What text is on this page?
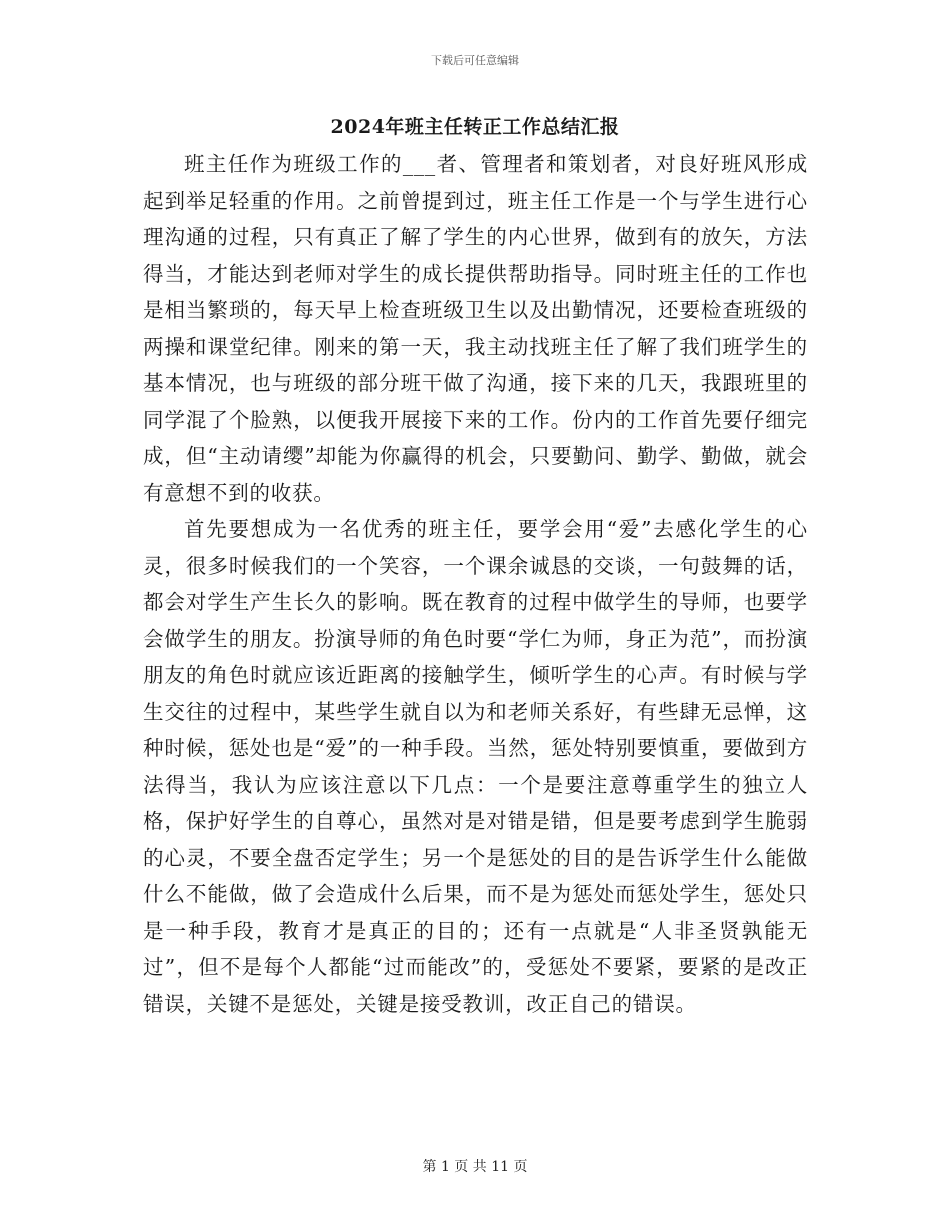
下载后可任意编辑
2024年班主任转正工作总结汇报

班主任作为班级工作的___者、管理者和策划者，对良好班风形成起到举足轻重的作用。之前曾提到过，班主任工作是一个与学生进行心理沟通的过程，只有真正了解了学生的内心世界，做到有的放矢，方法得当，才能达到老师对学生的成长提供帮助指导。同时班主任的工作也是相当繁琐的，每天早上检查班级卫生以及出勤情况，还要检查班级的两操和课堂纪律。刚来的第一天，我主动找班主任了解了我们班学生的基本情况，也与班级的部分班干做了沟通，接下来的几天，我跟班里的同学混了个脸熟，以便我开展接下来的工作。份内的工作首先要仔细完成，但“主动请缨”却能为你赢得的机会，只要勤问、勤学、勤做，就会有意想不到的收获。

首先要想成为一名优秀的班主任，要学会用“爱”去感化学生的心灵，很多时候我们的一个笑容，一个课余诚恳的交谈，一句鼓舞的话，都会对学生产生长久的影响。既在教育的过程中做学生的导师，也要学会做学生的朋友。扮演导师的角色时要“学仁为师，身正为范”，而扮演朋友的角色时就应该近距离的接触学生，倾听学生的心声。有时候与学生交往的过程中，某些学生就自以为和老师关系好，有些肆无忌惮，这种时候，惩处也是“爱”的一种手段。当然，惩处特别要慎重，要做到方法得当，我认为应该注意以下几点：一个是要注意尊重学生的独立人格，保护好学生的自尊心，虽然对是对错是错，但是要考虑到学生脆弱的心灵，不要全盘否定学生；另一个是惩处的目的是告诉学生什么能做什么不能做，做了会造成什么后果，而不是为惩处而惩处学生，惩处只是一种手段，教育才是真正的目的；还有一点就是“人非圣贤孰能无过”，但不是每个人都能“过而能改”的，受惩处不要紧，要紧的是改正错误，关键不是惩处，关键是接受教训，改正自己的错误。

第 1 页 共 11 页
